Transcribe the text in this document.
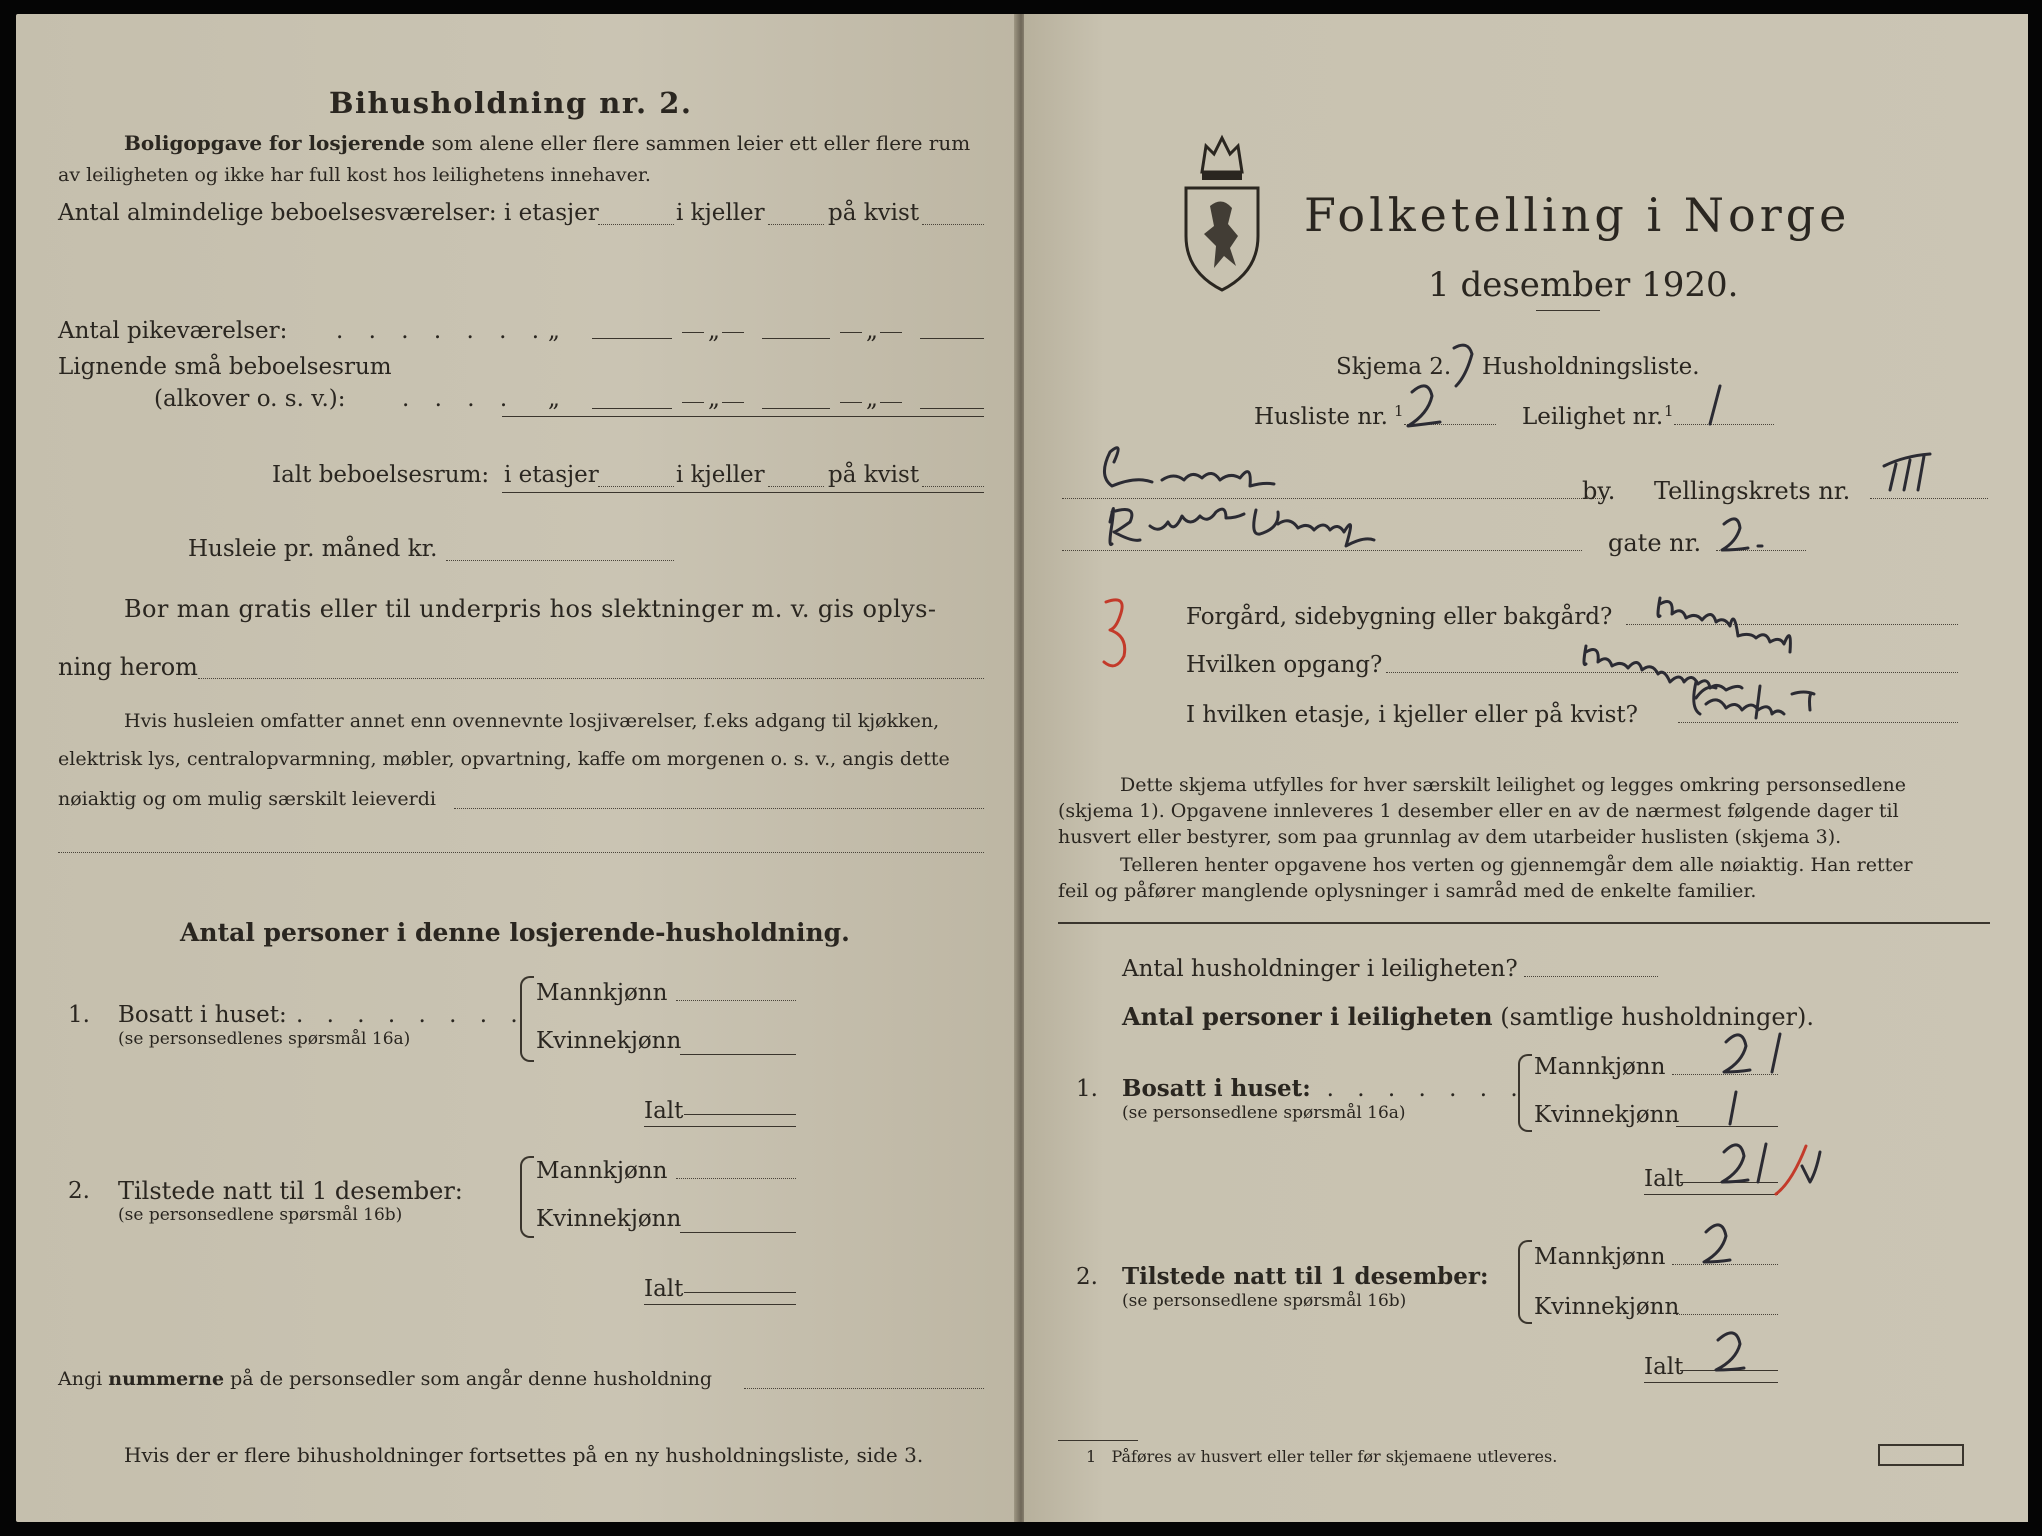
Bihusholdning nr. 2.
Boligopgave for losjerende som alene eller flere sammen leier ett eller flere rum
av leiligheten og ikke har full kost hos leilighetens innehaver.
Antal almindelige beboelsesværelser: i etasjer	i kjeller	på kvist
Antal pikeværelser: . . . . . . . „	„	„
Lignende små beboelsesrum
(alkover o. s. v.): . . . . „	„	„
Ialt beboelsesrum: i etasjer	i kjeller	på kvist
Husleie pr. måned kr.
Bor man gratis eller til underpris hos slektninger m. v. gis oplys-
ning herom
Hvis husleien omfatter annet enn ovennevnte losjiværelser, f.eks adgang til kjøkken,
elektrisk lys, centralopvarmning, møbler, opvartning, kaffe om morgenen o. s. v., angis dette
nøiaktig og om mulig særskilt leieverdi
Antal personer i denne losjerende-husholdning.
1. Bosatt i huset: . . . . . . . .
(se personsedlenes spørsmål 16a)
Mannkjønn
Kvinnekjønn
Ialt
2. Tilstede natt til 1 desember:
(se personsedlene spørsmål 16b)
Mannkjønn
Kvinnekjønn
Ialt
Angi nummerne på de personsedler som angår denne husholdning
Hvis der er flere bihusholdninger fortsettes på en ny husholdningsliste, side 3.
Folketelling i Norge
1 desember 1920.
Skjema 2. Husholdningsliste.
Husliste nr. 1	Leilighet nr. 1
by. Tellingskrets nr.
gate nr.
Forgård, sidebygning eller bakgård?
Hvilken opgang?
I hvilken etasje, i kjeller eller på kvist?
Dette skjema utfylles for hver særskilt leilighet og legges omkring personsedlene
(skjema 1). Opgavene innleveres 1 desember eller en av de nærmest følgende dager til
husvert eller bestyrer, som paa grunnlag av dem utarbeider huslisten (skjema 3).
Telleren henter opgavene hos verten og gjennemgår dem alle nøiaktig. Han retter
feil og påfører manglende oplysninger i samråd med de enkelte familier.
Antal husholdninger i leiligheten?
Antal personer i leiligheten (samtlige husholdninger).
1. Bosatt i huset:
. . . . . . . .
(se personsedlene spørsmål 16a)
Mannkjønn
Kvinnekjønn
Ialt
2. Tilstede natt til 1 desember:
(se personsedlene spørsmål 16b)
Mannkjønn
Kvinnekjønn
Ialt
1 Påføres av husvert eller teller før skjemaene utleveres.
